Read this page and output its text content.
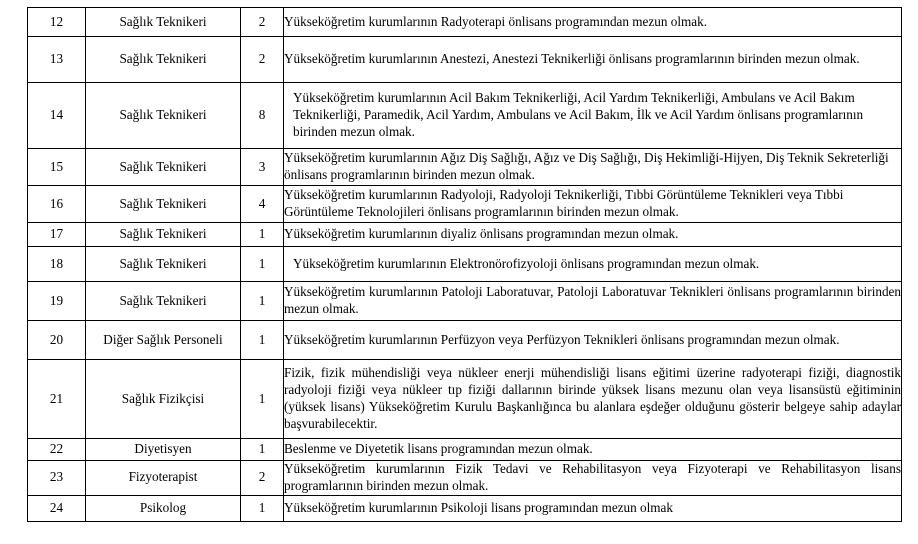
12	Sağlık Teknikeri	2	Yükseköğretim kurumlarının Radyoterapi önlisans programından mezun olmak.
13	Sağlık Teknikeri	2	Yükseköğretim kurumlarının Anestezi, Anestezi Teknikerliği önlisans programlarının birinden mezun olmak.
14	Sağlık Teknikeri	8	Yükseköğretim kurumlarının Acil Bakım Teknikerliği, Acil Yardım Teknikerliği, Ambulans ve Acil Bakım Teknikerliği, Paramedik, Acil Yardım, Ambulans ve Acil Bakım, İlk ve Acil Yardım önlisans programlarının birinden mezun olmak.
15	Sağlık Teknikeri	3	Yükseköğretim kurumlarının Ağız Diş Sağlığı, Ağız ve Diş Sağlığı, Diş Hekimliği-Hijyen, Diş Teknik Sekreterliği önlisans programlarının birinden mezun olmak.
16	Sağlık Teknikeri	4	Yükseköğretim kurumlarının Radyoloji, Radyoloji Teknikerliği, Tıbbi Görüntüleme Teknikleri veya Tıbbi Görüntüleme Teknolojileri önlisans programlarının birinden mezun olmak.
17	Sağlık Teknikeri	1	Yükseköğretim kurumlarının diyaliz önlisans programından mezun olmak.
18	Sağlık Teknikeri	1	Yükseköğretim kurumlarının Elektronörofizyoloji önlisans programından mezun olmak.
19	Sağlık Teknikeri	1	Yükseköğretim kurumlarının Patoloji Laboratuvar, Patoloji Laboratuvar Teknikleri önlisans programlarının birinden mezun olmak.
20	Diğer Sağlık Personeli	1	Yükseköğretim kurumlarının Perfüzyon veya Perfüzyon Teknikleri önlisans programından mezun olmak.
21	Sağlık Fizikçisi	1	Fizik, fizik mühendisliği veya nükleer enerji mühendisliği lisans eğitimi üzerine radyoterapi fiziği, diagnostik radyoloji fiziği veya nükleer tıp fiziği dallarının birinde yüksek lisans mezunu olan veya lisansüstü eğitiminin (yüksek lisans) Yükseköğretim Kurulu Başkanlığınca bu alanlara eşdeğer olduğunu gösterir belgeye sahip adaylar başvurabilecektir.
22	Diyetisyen	1	Beslenme ve Diyetetik lisans programından mezun olmak.
23	Fizyoterapist	2	Yükseköğretim kurumlarının Fizik Tedavi ve Rehabilitasyon veya Fizyoterapi ve Rehabilitasyon lisans programlarının birinden mezun olmak.
24	Psikolog	1	Yükseköğretim kurumlarının Psikoloji lisans programından mezun olmak
